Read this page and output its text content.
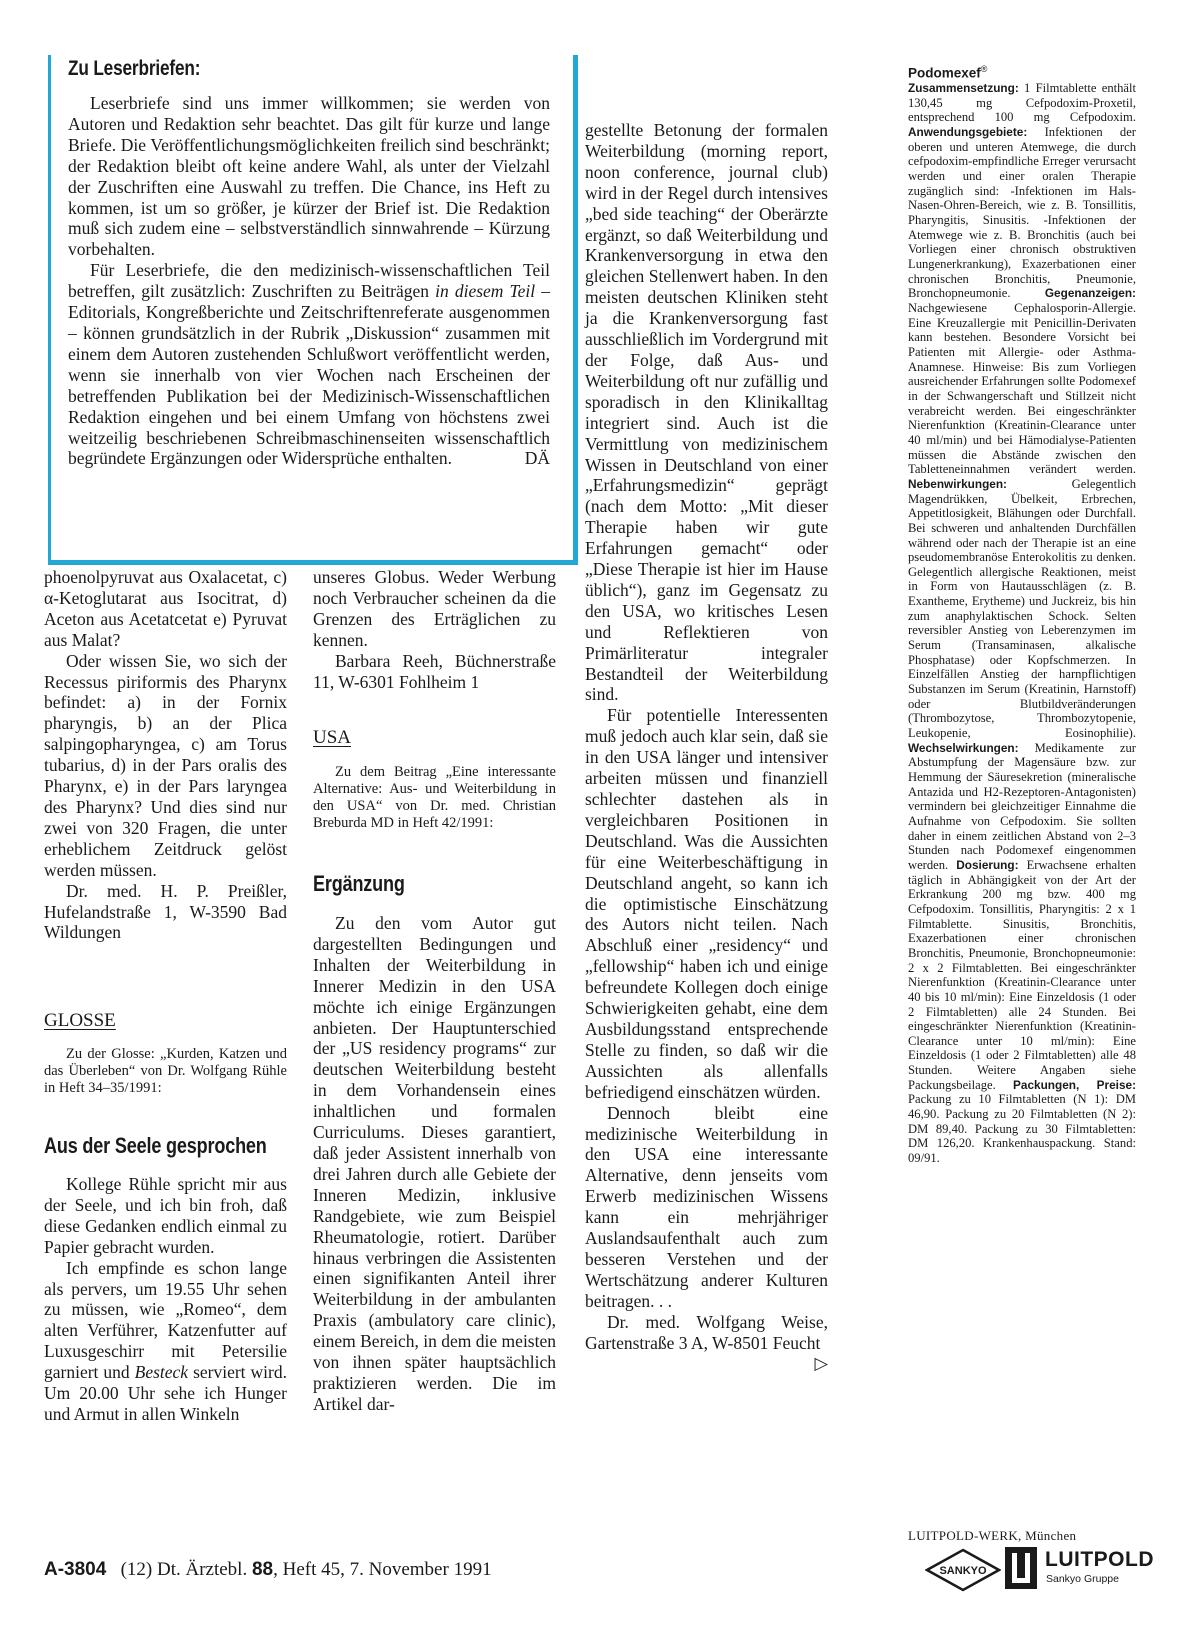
Zu Leserbriefen:

Leserbriefe sind uns immer willkommen; sie werden von Autoren und Redaktion sehr beachtet. Das gilt für kurze und lange Briefe. Die Veröffentlichungsmöglichkeiten freilich sind beschränkt; der Redaktion bleibt oft keine andere Wahl, als unter der Vielzahl der Zuschriften eine Auswahl zu treffen. Die Chance, ins Heft zu kommen, ist um so größer, je kürzer der Brief ist. Die Redaktion muß sich zudem eine – selbstverständlich sinnwahrende – Kürzung vorbehalten.

Für Leserbriefe, die den medizinisch-wissenschaftlichen Teil betreffen, gilt zusätzlich: Zuschriften zu Beiträgen in diesem Teil – Editorials, Kongreßberichte und Zeitschriftenreferate ausgenommen – können grundsätzlich in der Rubrik „Diskussion“ zusammen mit einem dem Autoren zustehenden Schlußwort veröffentlicht werden, wenn sie innerhalb von vier Wochen nach Erscheinen der betreffenden Publikation bei der Medizinisch-Wissenschaftlichen Redaktion eingehen und bei einem Umfang von höchstens zwei weitzeilig beschriebenen Schreibmaschinenseiten wissenschaftlich begründete Ergänzungen oder Widersprüche enthalten.	DÄ

phoenolpyruvat aus Oxalacetat, c) α-Ketoglutarat aus Isocitrat, d) Aceton aus Acetatcetat e) Pyruvat aus Malat?

Oder wissen Sie, wo sich der Recessus piriformis des Pharynx befindet: a) in der Fornix pharyngis, b) an der Plica salpingopharyngea, c) am Torus tubarius, d) in der Pars oralis des Pharynx, e) in der Pars laryngea des Pharynx? Und dies sind nur zwei von 320 Fragen, die unter erheblichem Zeitdruck gelöst werden müssen.

Dr. med. H. P. Preißler, Hufelandstraße 1, W-3590 Bad Wildungen

GLOSSE

Zu der Glosse: „Kurden, Katzen und das Überleben“ von Dr. Wolfgang Rühle in Heft 34–35/1991:

Aus der Seele gesprochen

Kollege Rühle spricht mir aus der Seele, und ich bin froh, daß diese Gedanken endlich einmal zu Papier gebracht wurden.

Ich empfinde es schon lange als pervers, um 19.55 Uhr sehen zu müssen, wie „Romeo“, dem alten Verführer, Katzenfutter auf Luxusgeschirr mit Petersilie garniert und Besteck serviert wird. Um 20.00 Uhr sehe ich Hunger und Armut in allen Winkeln

unseres Globus. Weder Werbung noch Verbraucher scheinen da die Grenzen des Erträglichen zu kennen.

Barbara Reeh, Büchnerstraße 11, W-6301 Fohlheim 1

USA

Zu dem Beitrag „Eine interessante Alternative: Aus- und Weiterbildung in den USA“ von Dr. med. Christian Breburda MD in Heft 42/1991:

Ergänzung

Zu den vom Autor gut dargestellten Bedingungen und Inhalten der Weiterbildung in Innerer Medizin in den USA möchte ich einige Ergänzungen anbieten. Der Hauptunterschied der „US residency programs“ zur deutschen Weiterbildung besteht in dem Vorhandensein eines inhaltlichen und formalen Curriculums. Dieses garantiert, daß jeder Assistent innerhalb von drei Jahren durch alle Gebiete der Inneren Medizin, inklusive Randgebiete, wie zum Beispiel Rheumatologie, rotiert. Darüber hinaus verbringen die Assistenten einen signifikanten Anteil ihrer Weiterbildung in der ambulanten Praxis (ambulatory care clinic), einem Bereich, in dem die meisten von ihnen später hauptsächlich praktizieren werden. Die im Artikel dar-

gestellte Betonung der formalen Weiterbildung (morning report, noon conference, journal club) wird in der Regel durch intensives „bed side teaching“ der Oberärzte ergänzt, so daß Weiterbildung und Krankenversorgung in etwa den gleichen Stellenwert haben. In den meisten deutschen Kliniken steht ja die Krankenversorgung fast ausschließlich im Vordergrund mit der Folge, daß Aus- und Weiterbildung oft nur zufällig und sporadisch in den Klinikalltag integriert sind. Auch ist die Vermittlung von medizinischem Wissen in Deutschland von einer „Erfahrungsmedizin“ geprägt (nach dem Motto: „Mit dieser Therapie haben wir gute Erfahrungen gemacht“ oder „Diese Therapie ist hier im Hause üblich“), ganz im Gegensatz zu den USA, wo kritisches Lesen und Reflektieren von Primärliteratur integraler Bestandteil der Weiterbildung sind.

Für potentielle Interessenten muß jedoch auch klar sein, daß sie in den USA länger und intensiver arbeiten müssen und finanziell schlechter dastehen als in vergleichbaren Positionen in Deutschland. Was die Aussichten für eine Weiterbeschäftigung in Deutschland angeht, so kann ich die optimistische Einschätzung des Autors nicht teilen. Nach Abschluß einer „residency“ und „fellowship“ haben ich und einige befreundete Kollegen doch einige Schwierigkeiten gehabt, eine dem Ausbildungsstand entsprechende Stelle zu finden, so daß wir die Aussichten als allenfalls befriedigend einschätzen würden.

Dennoch bleibt eine medizinische Weiterbildung in den USA eine interessante Alternative, denn jenseits vom Erwerb medizinischen Wissens kann ein mehrjähriger Auslandsaufenthalt auch zum besseren Verstehen und der Wertschätzung anderer Kulturen beitragen. . .

Dr. med. Wolfgang Weise, Gartenstraße 3 A, W-8501 Feucht
▷

Podomexef®
Zusammensetzung: 1 Filmtablette enthält 130,45 mg Cefpodoxim-Proxetil, entsprechend 100 mg Cefpodoxim. Anwendungsgebiete: Infektionen der oberen und unteren Atemwege, die durch cefpodoxim-empfindliche Erreger verursacht werden und einer oralen Therapie zugänglich sind: -Infektionen im Hals-Nasen-Ohren-Bereich, wie z. B. Tonsillitis, Pharyngitis, Sinusitis. -Infektionen der Atemwege wie z. B. Bronchitis (auch bei Vorliegen einer chronisch obstruktiven Lungenerkrankung), Exazerbationen einer chronischen Bronchitis, Pneumonie, Bronchopneumonie. Gegenanzeigen: Nachgewiesene Cephalosporin-Allergie. Eine Kreuzallergie mit Penicillin-Derivaten kann bestehen. Besondere Vorsicht bei Patienten mit Allergie- oder Asthma-Anamnese. Hinweise: Bis zum Vorliegen ausreichender Erfahrungen sollte Podomexef in der Schwangerschaft und Stillzeit nicht verabreicht werden. Bei eingeschränkter Nierenfunktion (Kreatinin-Clearance unter 40 ml/min) und bei Hämodialyse-Patienten müssen die Abstände zwischen den Tabletteneinnahmen verändert werden. Nebenwirkungen: Gelegentlich Magendrükken, Übelkeit, Erbrechen, Appetitlosigkeit, Blähungen oder Durchfall. Bei schweren und anhaltenden Durchfällen während oder nach der Therapie ist an eine pseudomembranöse Enterokolitis zu denken. Gelegentlich allergische Reaktionen, meist in Form von Hautausschlägen (z. B. Exantheme, Erytheme) und Juckreiz, bis hin zum anaphylaktischen Schock. Selten reversibler Anstieg von Leberenzymen im Serum (Transaminasen, alkalische Phosphatase) oder Kopfschmerzen. In Einzelfällen Anstieg der harnpflichtigen Substanzen im Serum (Kreatinin, Harnstoff) oder Blutbildveränderungen (Thrombozytose, Thrombozytopenie, Leukopenie, Eosinophilie). Wechselwirkungen: Medikamente zur Abstumpfung der Magensäure bzw. zur Hemmung der Säuresekretion (mineralische Antazida und H2-Rezeptoren-Antagonisten) vermindern bei gleichzeitiger Einnahme die Aufnahme von Cefpodoxim. Sie sollten daher in einem zeitlichen Abstand von 2–3 Stunden nach Podomexef eingenommen werden. Dosierung: Erwachsene erhalten täglich in Abhängigkeit von der Art der Erkrankung 200 mg bzw. 400 mg Cefpodoxim. Tonsillitis, Pharyngitis: 2 x 1 Filmtablette. Sinusitis, Bronchitis, Exazerbationen einer chronischen Bronchitis, Pneumonie, Bronchopneumonie: 2 x 2 Filmtabletten. Bei eingeschränkter Nierenfunktion (Kreatinin-Clearance unter 40 bis 10 ml/min): Eine Einzeldosis (1 oder 2 Filmtabletten) alle 24 Stunden. Bei eingeschränkter Nierenfunktion (Kreatinin-Clearance unter 10 ml/min): Eine Einzeldosis (1 oder 2 Filmtabletten) alle 48 Stunden. Weitere Angaben siehe Packungsbeilage. Packungen, Preise: Packung zu 10 Filmtabletten (N 1): DM 46,90. Packung zu 20 Filmtabletten (N 2): DM 89,40. Packung zu 30 Filmtabletten: DM 126,20. Krankenhauspackung. Stand: 09/91.
LUITPOLD-WERK, München
A-3804 (12) Dt. Ärztebl. 88, Heft 45, 7. November 1991	SANKYO	LUITPOLD
Sankyo Gruppe
